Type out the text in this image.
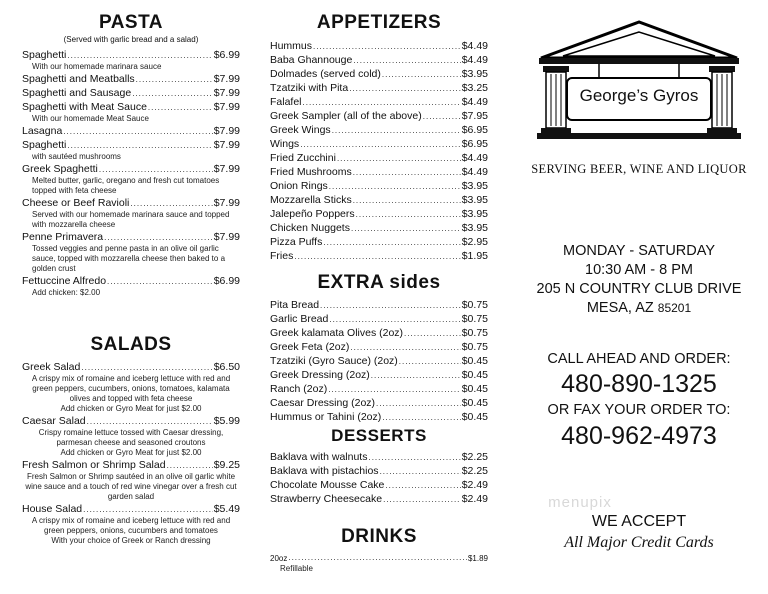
PASTA
(Served with garlic bread and a salad)
Spaghetti .....	$6.99
With our homemade marinara sauce
Spaghetti and Meatballs .....	$7.99
Spaghetti and Sausage .....	$7.99
Spaghetti with Meat Sauce .....	$7.99
With our homemade Meat Sauce
Lasagna .....	$7.99
Spaghetti .....	$7.99
with sautéed mushrooms
Greek Spaghetti .....	$7.99
Melted butter, garlic, oregano and fresh cut tomatoes topped with feta cheese
Cheese or Beef Ravioli .....	$7.99
Served with our homemade marinara sauce and topped with mozzarella cheese
Penne Primavera .....	$7.99
Tossed veggies and penne pasta in an olive oil garlic sauce, topped with mozzarella cheese then baked to a golden crust
Fettuccine Alfredo .....	$6.99
Add chicken: $2.00
SALADS
Greek Salad .....	$6.50
A crispy mix of romaine and iceberg lettuce with red and green peppers, cucumbers, onions, tomatoes, kalamata olives and topped with feta cheese
Add chicken or Gyro Meat for just $2.00
Caesar Salad .....	$5.99
Crispy romaine lettuce tossed with Caesar dressing, parmesan cheese and seasoned croutons
Add chicken or Gyro Meat for just $2.00
Fresh Salmon or Shrimp Salad .....	$9.25
Fresh Salmon or Shrimp sautéed in an olive oil garlic white wine sauce and a touch of red wine vinegar over a fresh cut garden salad
House Salad .....	$5.49
A crispy mix of romaine and iceberg lettuce with red and green peppers, onions, cucumbers and tomatoes
With your choice of Greek or Ranch dressing
APPETIZERS
Hummus .....	$4.49
Baba Ghannouge .....	$4.49
Dolmades (served cold) .....	$3.95
Tzatziki with Pita .....	$3.25
Falafel .....	$4.49
Greek Sampler (all of the above) .....	$7.95
Greek Wings .....	$6.95
Wings .....	$6.95
Fried Zucchini .....	$4.49
Fried Mushrooms .....	$4.49
Onion Rings .....	$3.95
Mozzarella Sticks .....	$3.95
Jalepeño Poppers .....	$3.95
Chicken Nuggets .....	$3.95
Pizza Puffs .....	$2.95
Fries .....	$1.95
EXTRA sides
Pita Bread .....	$0.75
Garlic Bread .....	$0.75
Greek kalamata Olives (2oz) .....	$0.75
Greek Feta (2oz) .....	$0.75
Tzatziki (Gyro Sauce) (2oz) .....	$0.45
Greek Dressing (2oz) .....	$0.45
Ranch (2oz) .....	$0.45
Caesar Dressing (2oz) .....	$0.45
Hummus or Tahini (2oz) .....	$0.45
DESSERTS
Baklava with walnuts .....	$2.25
Baklava with pistachios .....	$2.25
Chocolate Mousse Cake .....	$2.49
Strawberry Cheesecake .....	$2.49
DRINKS
20oz .....	$1.89
Refillable
George’s Gyros
SERVING BEER, WINE AND LIQUOR
MONDAY - SATURDAY
10:30 AM - 8 PM
205 N COUNTRY CLUB DRIVE
MESA, AZ 85201
CALL AHEAD AND ORDER:
480-890-1325
OR FAX YOUR ORDER TO:
480-962-4973
menupix
WE ACCEPT
All Major Credit Cards
